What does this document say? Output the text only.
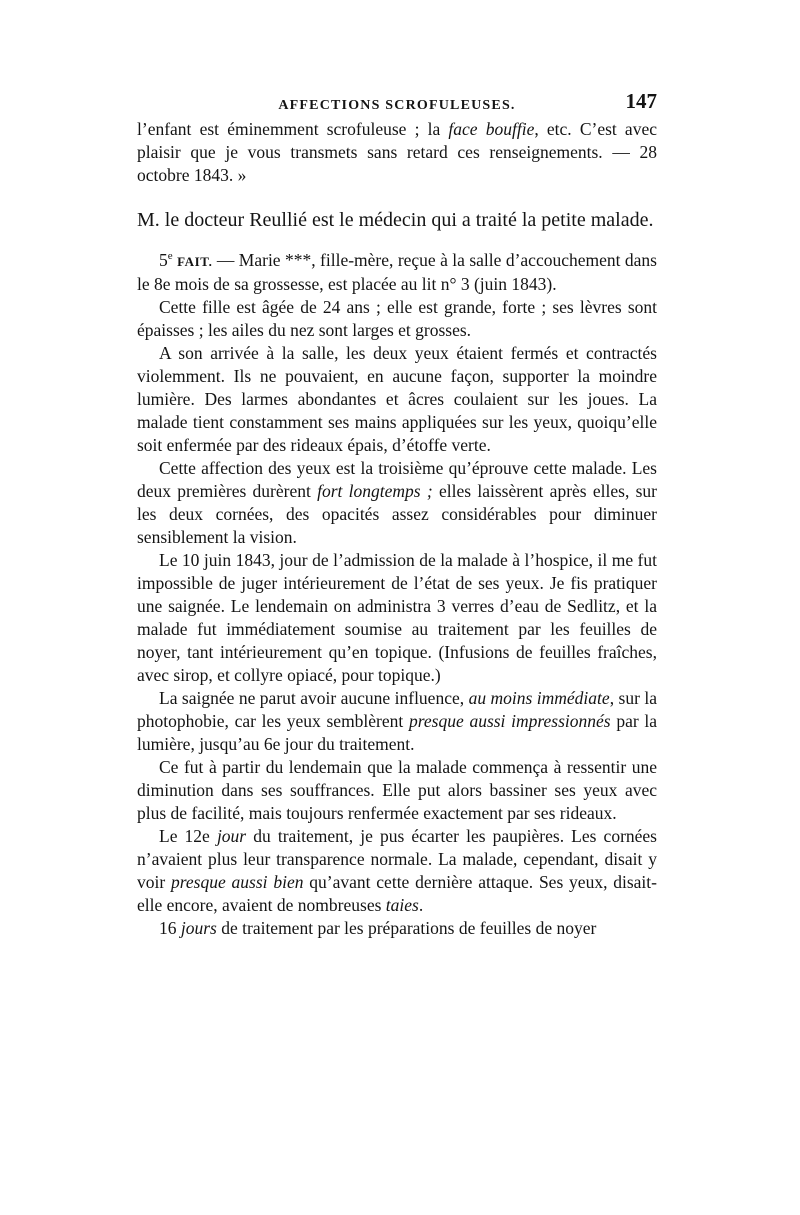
AFFECTIONS SCROFULEUSES.	147

l’enfant est éminemment scrofuleuse ; la face bouffie, etc. C’est avec plaisir que je vous transmets sans retard ces renseignements. — 28 octobre 1843. »

M. le docteur Reullié est le médecin qui a traité la petite malade.

5e FAIT. — Marie ***, fille-mère, reçue à la salle d’accouchement dans le 8e mois de sa grossesse, est placée au lit n° 3 (juin 1843).

Cette fille est âgée de 24 ans ; elle est grande, forte ; ses lèvres sont épaisses ; les ailes du nez sont larges et grosses.

A son arrivée à la salle, les deux yeux étaient fermés et contractés violemment. Ils ne pouvaient, en aucune façon, supporter la moindre lumière. Des larmes abondantes et âcres coulaient sur les joues. La malade tient constamment ses mains appliquées sur les yeux, quoiqu’elle soit enfermée par des rideaux épais, d’étoffe verte.

Cette affection des yeux est la troisième qu’éprouve cette malade. Les deux premières durèrent fort longtemps ; elles laissèrent après elles, sur les deux cornées, des opacités assez considérables pour diminuer sensiblement la vision.

Le 10 juin 1843, jour de l’admission de la malade à l’hospice, il me fut impossible de juger intérieurement de l’état de ses yeux. Je fis pratiquer une saignée. Le lendemain on administra 3 verres d’eau de Sedlitz, et la malade fut immédiatement soumise au traitement par les feuilles de noyer, tant intérieurement qu’en topique. (Infusions de feuilles fraîches, avec sirop, et collyre opiacé, pour topique.)

La saignée ne parut avoir aucune influence, au moins immédiate, sur la photophobie, car les yeux semblèrent presque aussi impressionnés par la lumière, jusqu’au 6e jour du traitement.

Ce fut à partir du lendemain que la malade commença à ressentir une diminution dans ses souffrances. Elle put alors bassiner ses yeux avec plus de facilité, mais toujours renfermée exactement par ses rideaux.

Le 12e jour du traitement, je pus écarter les paupières. Les cornées n’avaient plus leur transparence normale. La malade, cependant, disait y voir presque aussi bien qu’avant cette dernière attaque. Ses yeux, disait-elle encore, avaient de nombreuses taies.

16 jours de traitement par les préparations de feuilles de noyer
